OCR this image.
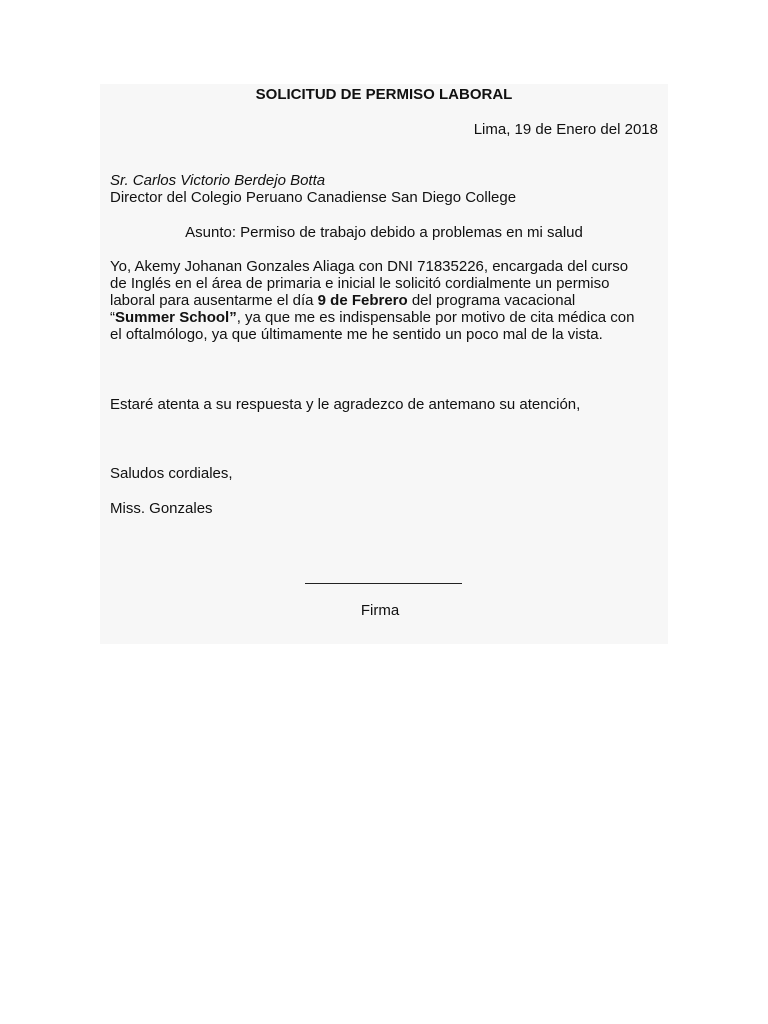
SOLICITUD DE PERMISO LABORAL
Lima, 19 de Enero del 2018
Sr. Carlos Victorio Berdejo Botta
Director del Colegio Peruano Canadiense San Diego College
Asunto: Permiso de trabajo debido a problemas en mi salud
Yo, Akemy Johanan Gonzales Aliaga con DNI 71835226, encargada del curso
de Inglés en el área de primaria e inicial le solicitó cordialmente un permiso
laboral para ausentarme el día 9 de Febrero del programa vacacional
“Summer School”, ya que me es indispensable por motivo de cita médica con
el oftalmólogo, ya que últimamente me he sentido un poco mal de la vista.
Estaré atenta a su respuesta y le agradezco de antemano su atención,
Saludos cordiales,
Miss. Gonzales
Firma
